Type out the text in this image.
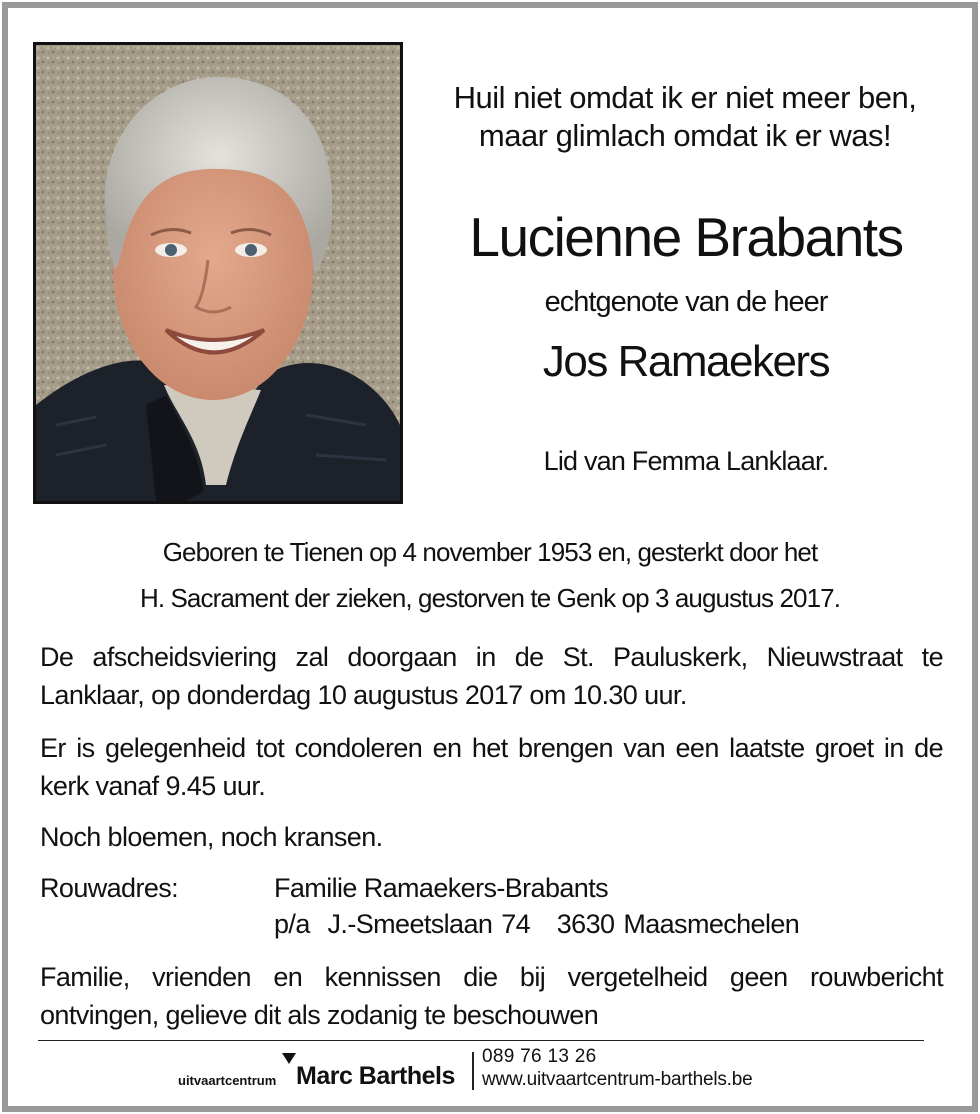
Huil niet omdat ik er niet meer ben,
maar glimlach omdat ik er was!
Lucienne Brabants
echtgenote van de heer
Jos Ramaekers
Lid van Femma Lanklaar.
Geboren te Tienen op 4 november 1953 en, gesterkt door het
H. Sacrament der zieken, gestorven te Genk op 3 augustus 2017.
De afscheidsviering zal doorgaan in de St. Pauluskerk, Nieuwstraat te Lanklaar, op donderdag 10 augustus 2017 om 10.30 uur.
Er is gelegenheid tot condoleren en het brengen van een laatste groet in de kerk vanaf 9.45 uur.
Noch bloemen, noch kransen.
Rouwadres:	Familie Ramaekers-Brabants
p/a  J.-Smeetslaan 74   3630 Maasmechelen
Familie, vrienden en kennissen die bij vergetelheid geen rouwbericht ontvingen, gelieve dit als zodanig te beschouwen
uitvaartcentrum Marc Barthels
089 76 13 26
www.uitvaartcentrum-barthels.be
